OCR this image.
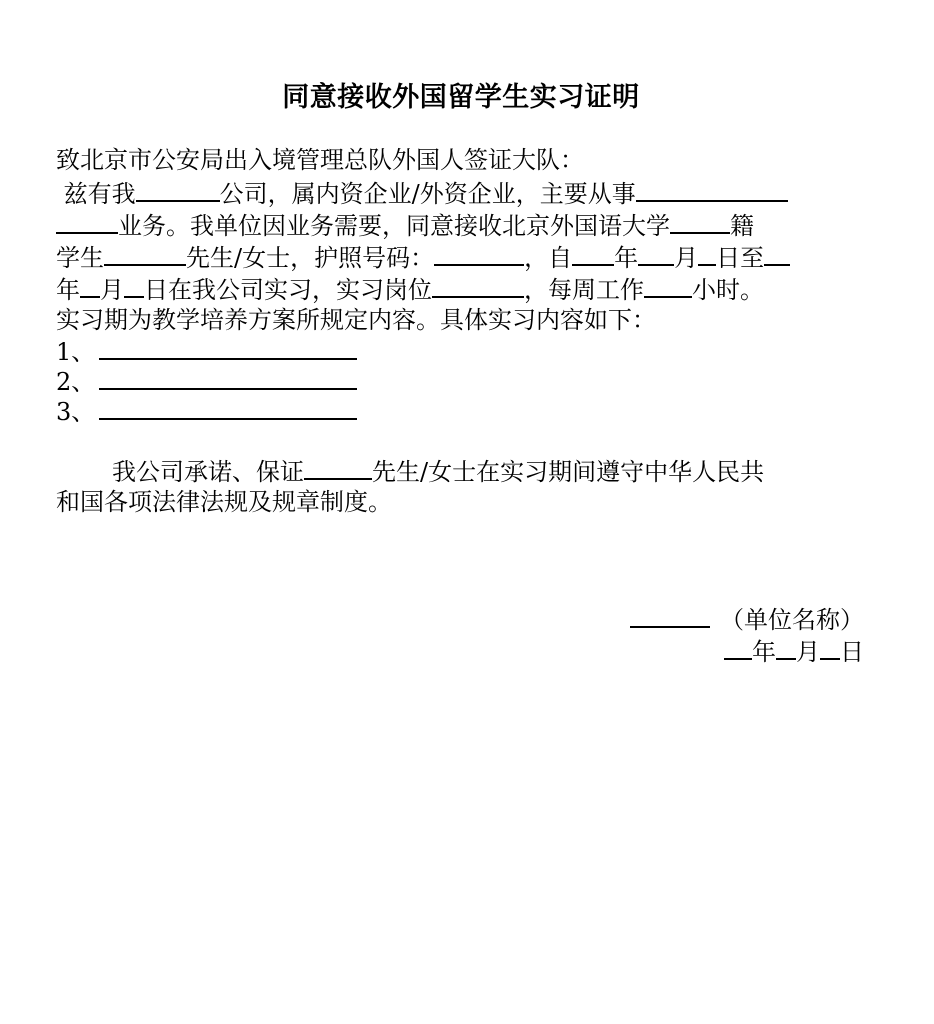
同意接收外国留学生实习证明
致北京市公安局出入境管理总队外国人签证大队：
兹有我	公司，属内资企业/外资企业，主要从事
业务。我单位因业务需要，同意接收北京外国语大学	籍
学生	先生/女士，护照号码：	，自 年 月 日至
年 月 日在我公司实习，实习岗位	，每周工作 小时。
实习期为教学培养方案所规定内容。具体实习内容如下：
1、
2、
3、
我公司承诺、保证	先生/女士在实习期间遵守中华人民共
和国各项法律法规及规章制度。
（单位名称）
年 月 日
